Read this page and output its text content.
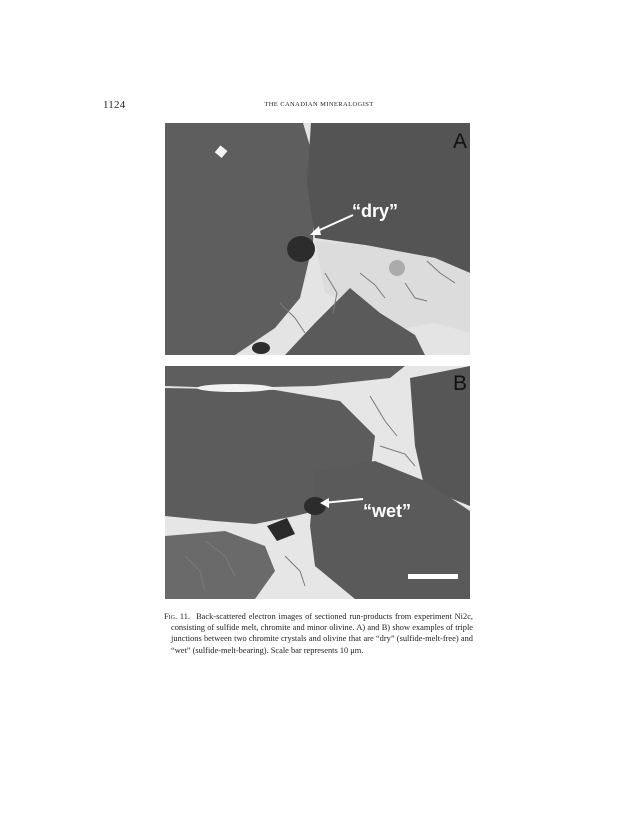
1124	THE CANADIAN MINERALOGIST
“dry”
A
“wet”
B
Fig. 11. Back-scattered electron images of sectioned run-products from experiment Ni2c, consisting of sulfide melt, chromite and minor olivine. A) and B) show examples of triple junctions between two chromite crystals and olivine that are “dry” (sulfide-melt-free) and “wet” (sulfide-melt-bearing). Scale bar represents 10 μm.
